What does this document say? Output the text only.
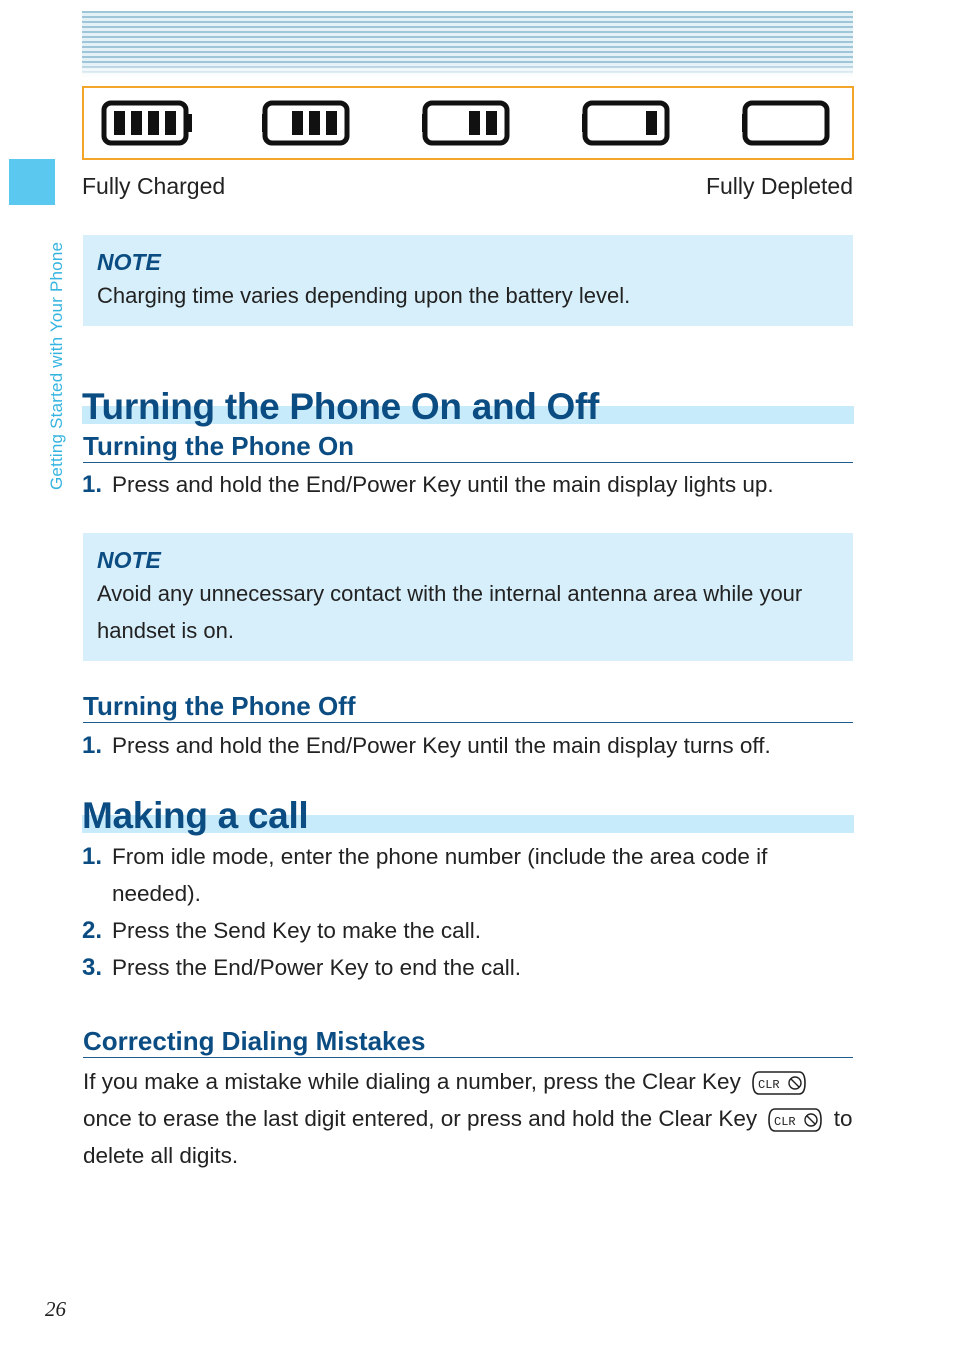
Getting Started with Your Phone
Fully Charged	Fully Depleted
NOTE
Charging time varies depending upon the battery level.
Turning the Phone On and Off
Turning the Phone On
1. Press and hold the End/Power Key until the main display lights up.
NOTE
Avoid any unnecessary contact with the internal antenna area while your handset is on.
Turning the Phone Off
1. Press and hold the End/Power Key until the main display turns off.
Making a call
1. From idle mode, enter the phone number (include the area code if needed).
2. Press the Send Key to make the call.
3. Press the End/Power Key to end the call.
Correcting Dialing Mistakes
If you make a mistake while dialing a number, press the Clear Key CLR
once to erase the last digit entered, or press and hold the Clear Key CLR to delete all digits.
26
